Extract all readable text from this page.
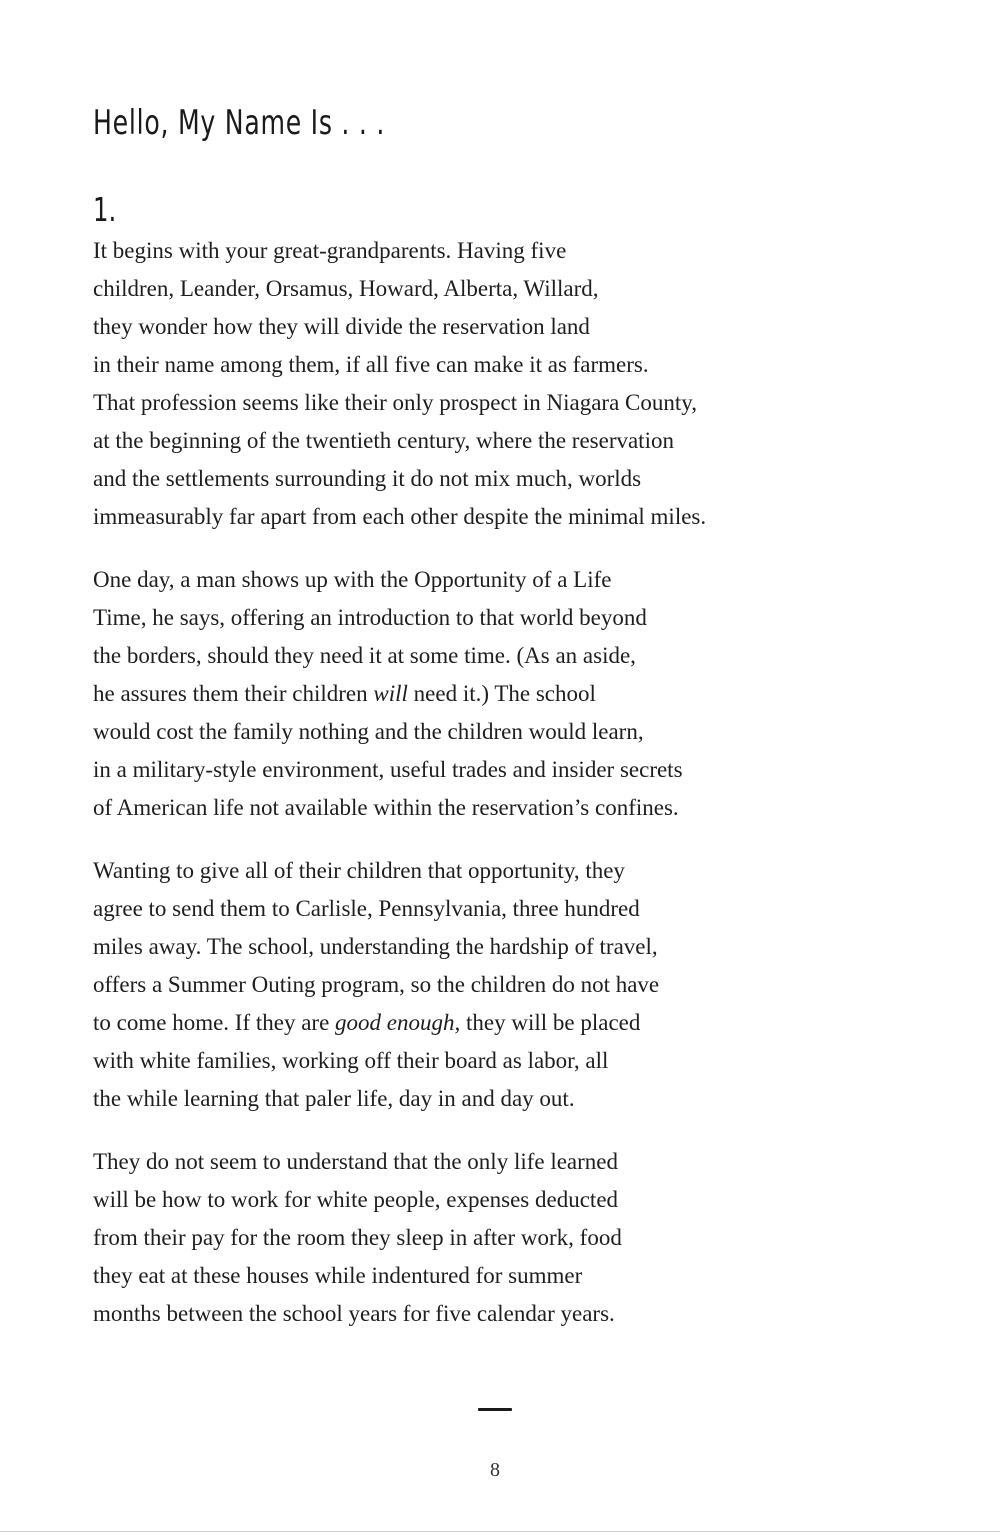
Hello, My Name Is . . .
1.

It begins with your great-grandparents. Having five
children, Leander, Orsamus, Howard, Alberta, Willard,
they wonder how they will divide the reservation land
in their name among them, if all five can make it as farmers.
That profession seems like their only prospect in Niagara County,
at the beginning of the twentieth century, where the reservation
and the settlements surrounding it do not mix much, worlds
immeasurably far apart from each other despite the minimal miles.

One day, a man shows up with the Opportunity of a Life
Time, he says, offering an introduction to that world beyond
the borders, should they need it at some time. (As an aside,
he assures them their children will need it.) The school
would cost the family nothing and the children would learn,
in a military-style environment, useful trades and insider secrets
of American life not available within the reservation’s confines.

Wanting to give all of their children that opportunity, they
agree to send them to Carlisle, Pennsylvania, three hundred
miles away. The school, understanding the hardship of travel,
offers a Summer Outing program, so the children do not have
to come home. If they are good enough, they will be placed
with white families, working off their board as labor, all
the while learning that paler life, day in and day out.

They do not seem to understand that the only life learned
will be how to work for white people, expenses deducted
from their pay for the room they sleep in after work, food
they eat at these houses while indentured for summer
months between the school years for five calendar years.

8
